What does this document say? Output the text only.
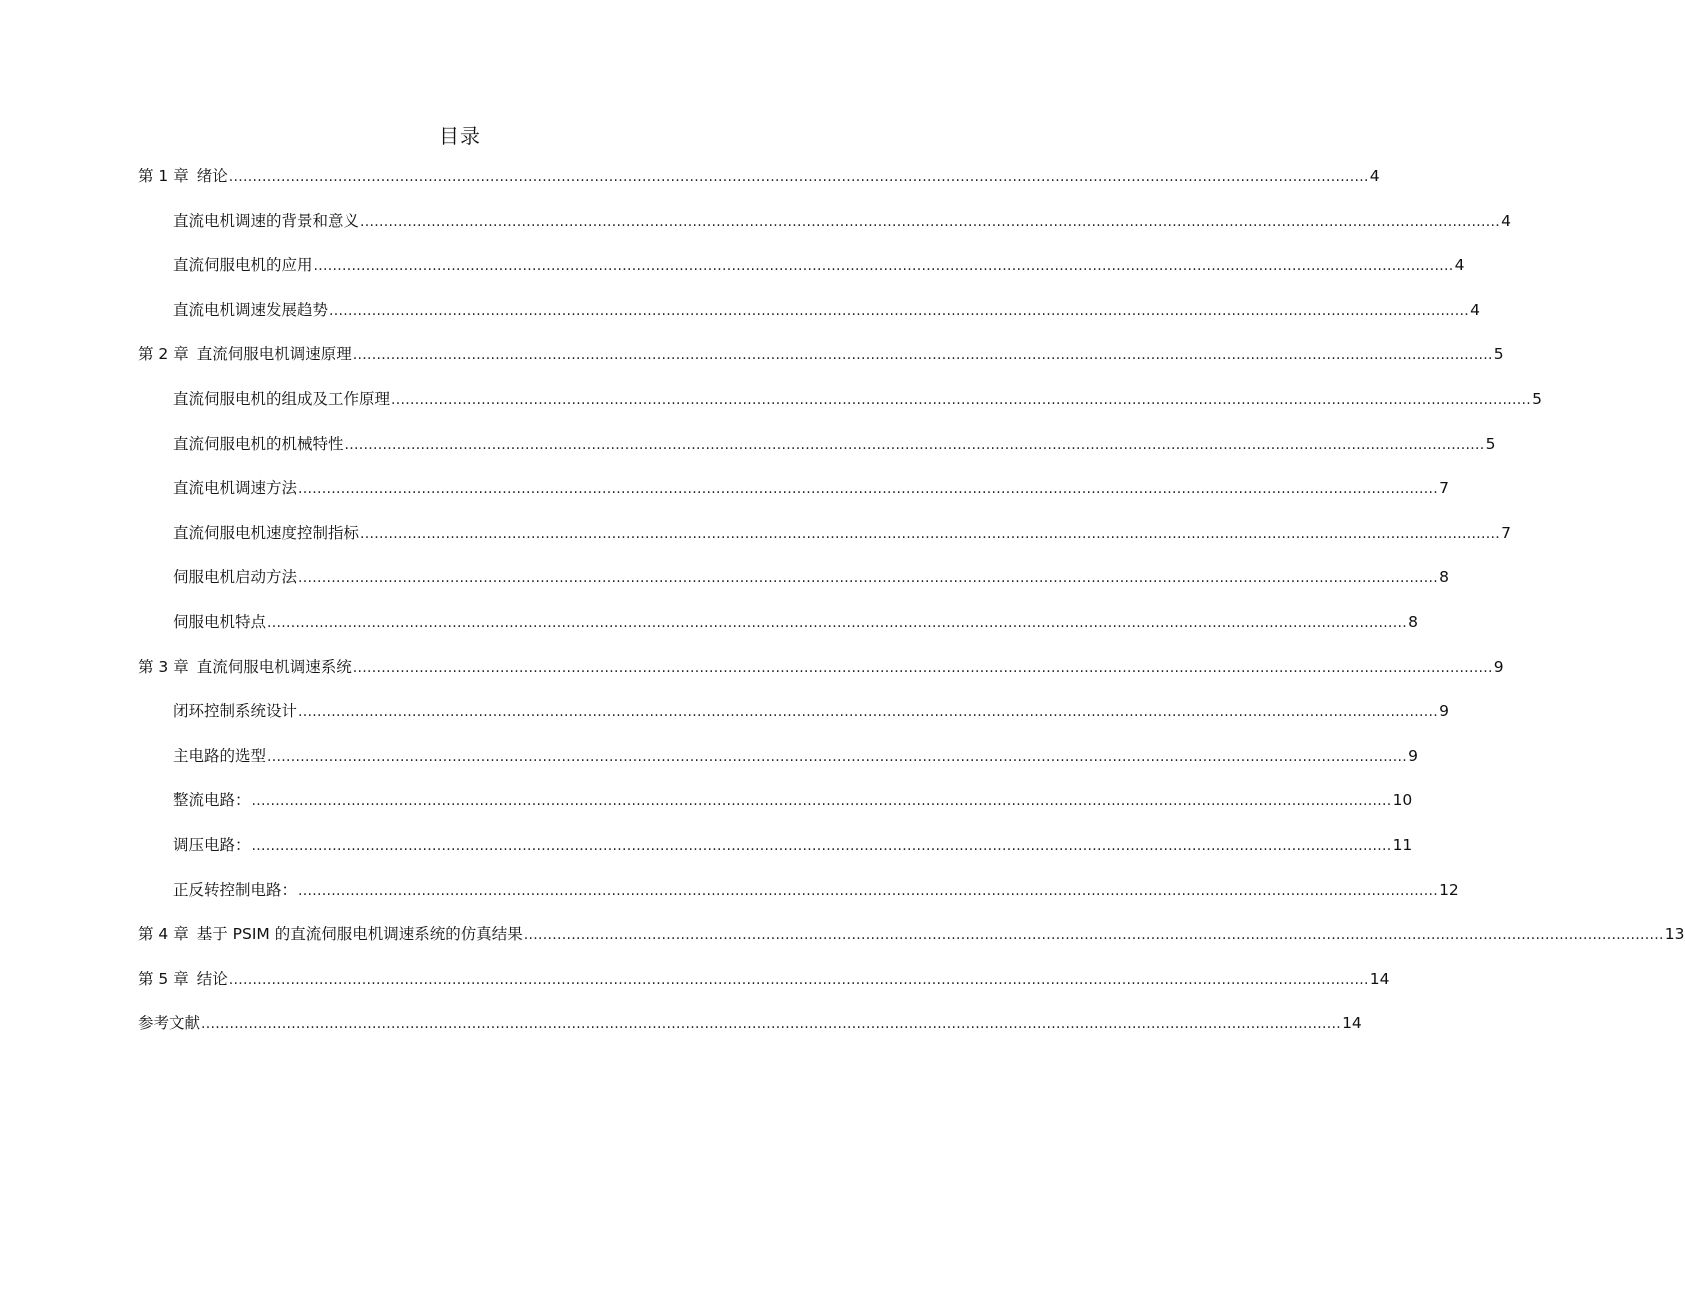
目录
第 1 章 绪论 ................................................................................................................................................................................................................................................ 4
直流电机调速的背景和意义 ................................................................................................................................................................................................................................................ 4
直流伺服电机的应用 ................................................................................................................................................................................................................................................ 4
直流电机调速发展趋势 ................................................................................................................................................................................................................................................ 4
第 2 章 直流伺服电机调速原理 ................................................................................................................................................................................................................................................ 5
直流伺服电机的组成及工作原理 ................................................................................................................................................................................................................................................ 5
直流伺服电机的机械特性 ................................................................................................................................................................................................................................................ 5
直流电机调速方法 ................................................................................................................................................................................................................................................ 7
直流伺服电机速度控制指标 ................................................................................................................................................................................................................................................ 7
伺服电机启动方法 ................................................................................................................................................................................................................................................ 8
伺服电机特点 ................................................................................................................................................................................................................................................ 8
第 3 章 直流伺服电机调速系统 ................................................................................................................................................................................................................................................ 9
闭环控制系统设计 ................................................................................................................................................................................................................................................ 9
主电路的选型 ................................................................................................................................................................................................................................................ 9
整流电路： ................................................................................................................................................................................................................................................ 10
调压电路： ................................................................................................................................................................................................................................................ 11
正反转控制电路： ................................................................................................................................................................................................................................................ 12
第 4 章 基于 PSIM 的直流伺服电机调速系统的仿真结果 ................................................................................................................................................................................................................................................ 13
第 5 章 结论 ................................................................................................................................................................................................................................................ 14
参考文献 ................................................................................................................................................................................................................................................ 14
